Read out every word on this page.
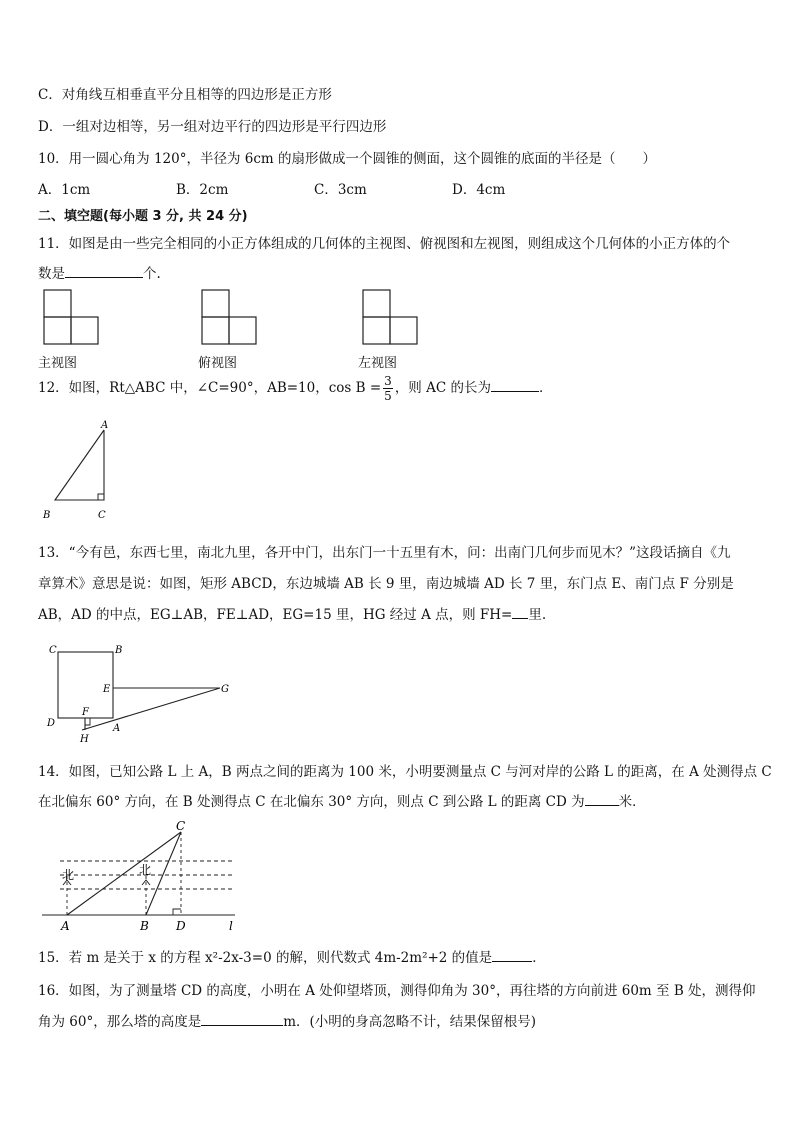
C．对角线互相垂直平分且相等的四边形是正方形
D．一组对边相等，另一组对边平行的四边形是平行四边形
10．用一圆心角为 120°，半径为 6cm 的扇形做成一个圆锥的侧面，这个圆锥的底面的半径是（　　）
A．1cm	B．2cm	C．3cm	D．4cm
二、填空题(每小题 3 分, 共 24 分)
11．如图是由一些完全相同的小正方体组成的几何体的主视图、俯视图和左视图，则组成这个几何体的小正方体的个
数是	个.
主视图	俯视图	左视图
12．如图，Rt△ABC 中，∠C=90°，AB=10，$\cos B = \frac{3}{5}$ ，则 AC 的长为	．
A
B	C
13．“今有邑，东西七里，南北九里，各开中门，出东门一十五里有木，问：出南门几何步而见木？”这段话摘自《九
章算术》意思是说：如图，矩形 ABCD，东边城墙 AB 长 9 里，南边城墙 AD 长 7 里，东门点 E、南门点 F 分别是
AB，AD 的中点，EG⊥AB，FE⊥AD，EG=15 里，HG 经过 A 点，则 FH= 里.
C	B
E	G
D
F
A
H
14．如图，已知公路 L 上 A，B 两点之间的距离为 100 米，小明要测量点 C 与河对岸的公路 L 的距离，在 A 处测得点 C
在北偏东 60° 方向，在 B 处测得点 C 在北偏东 30° 方向，则点 C 到公路 L 的距离 CD 为	米．
C
北	北
A	B D	l
15．若 m 是关于 x 的方程 x²-2x-3=0 的解，则代数式 4m-2m²+2 的值是	．
16．如图，为了测量塔 CD 的高度，小明在 A 处仰望塔顶，测得仰角为 30°，再往塔的方向前进 60m 至 B 处，测得仰
角为 60°，那么塔的高度是	m．(小明的身高忽略不计，结果保留根号)
